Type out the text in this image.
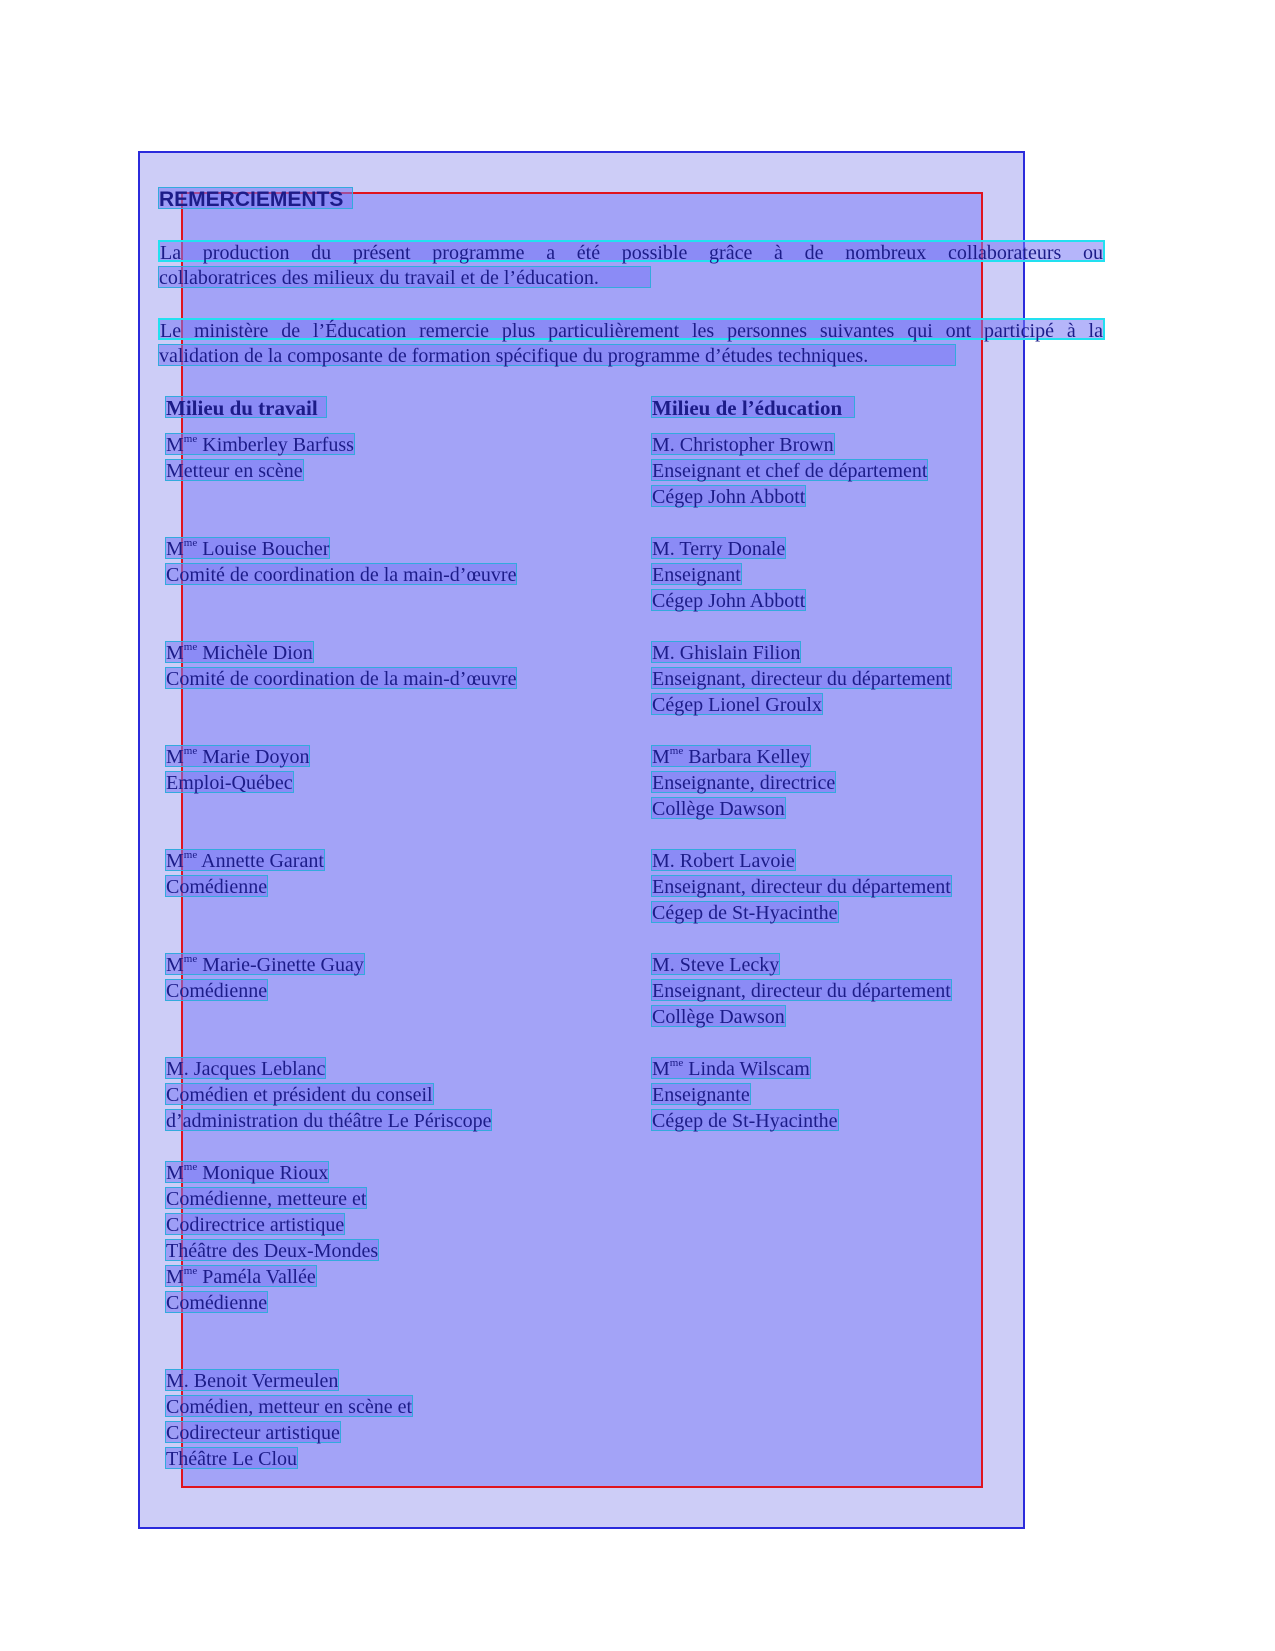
REMERCIEMENTS
La production du présent programme a été possible grâce à de nombreux collaborateurs ou
collaboratrices des milieux du travail et de l’éducation.
Le ministère de l’Éducation remercie plus particulièrement les personnes suivantes qui ont participé à la
validation de la composante de formation spécifique du programme d’études techniques.
Milieu du travail	Milieu de l’éducation
$M^{me}$ Kimberley Barfuss
Metteur en scène
$M^{me}$ Louise Boucher
Comité de coordination de la main-d’œuvre
$M^{me}$ Michèle Dion
Comité de coordination de la main-d’œuvre
$M^{me}$ Marie Doyon
Emploi-Québec
$M^{me}$ Annette Garant
Comédienne
$M^{me}$ Marie-Ginette Guay
Comédienne
M. Jacques Leblanc
Comédien et président du conseil
d’administration du théâtre Le Périscope
$M^{me}$ Monique Rioux
Comédienne, metteure et
Codirectrice artistique
Théâtre des Deux-Mondes
$M^{me}$ Paméla Vallée
Comédienne
M. Benoit Vermeulen
Comédien, metteur en scène et
Codirecteur artistique
Théâtre Le Clou
M. Christopher Brown
Enseignant et chef de département
Cégep John Abbott
M. Terry Donale
Enseignant
Cégep John Abbott
M. Ghislain Filion
Enseignant, directeur du département
Cégep Lionel Groulx
$M^{me}$ Barbara Kelley
Enseignante, directrice
Collège Dawson
M. Robert Lavoie
Enseignant, directeur du département
Cégep de St-Hyacinthe
M. Steve Lecky
Enseignant, directeur du département
Collège Dawson
$M^{me}$ Linda Wilscam
Enseignante
Cégep de St-Hyacinthe
